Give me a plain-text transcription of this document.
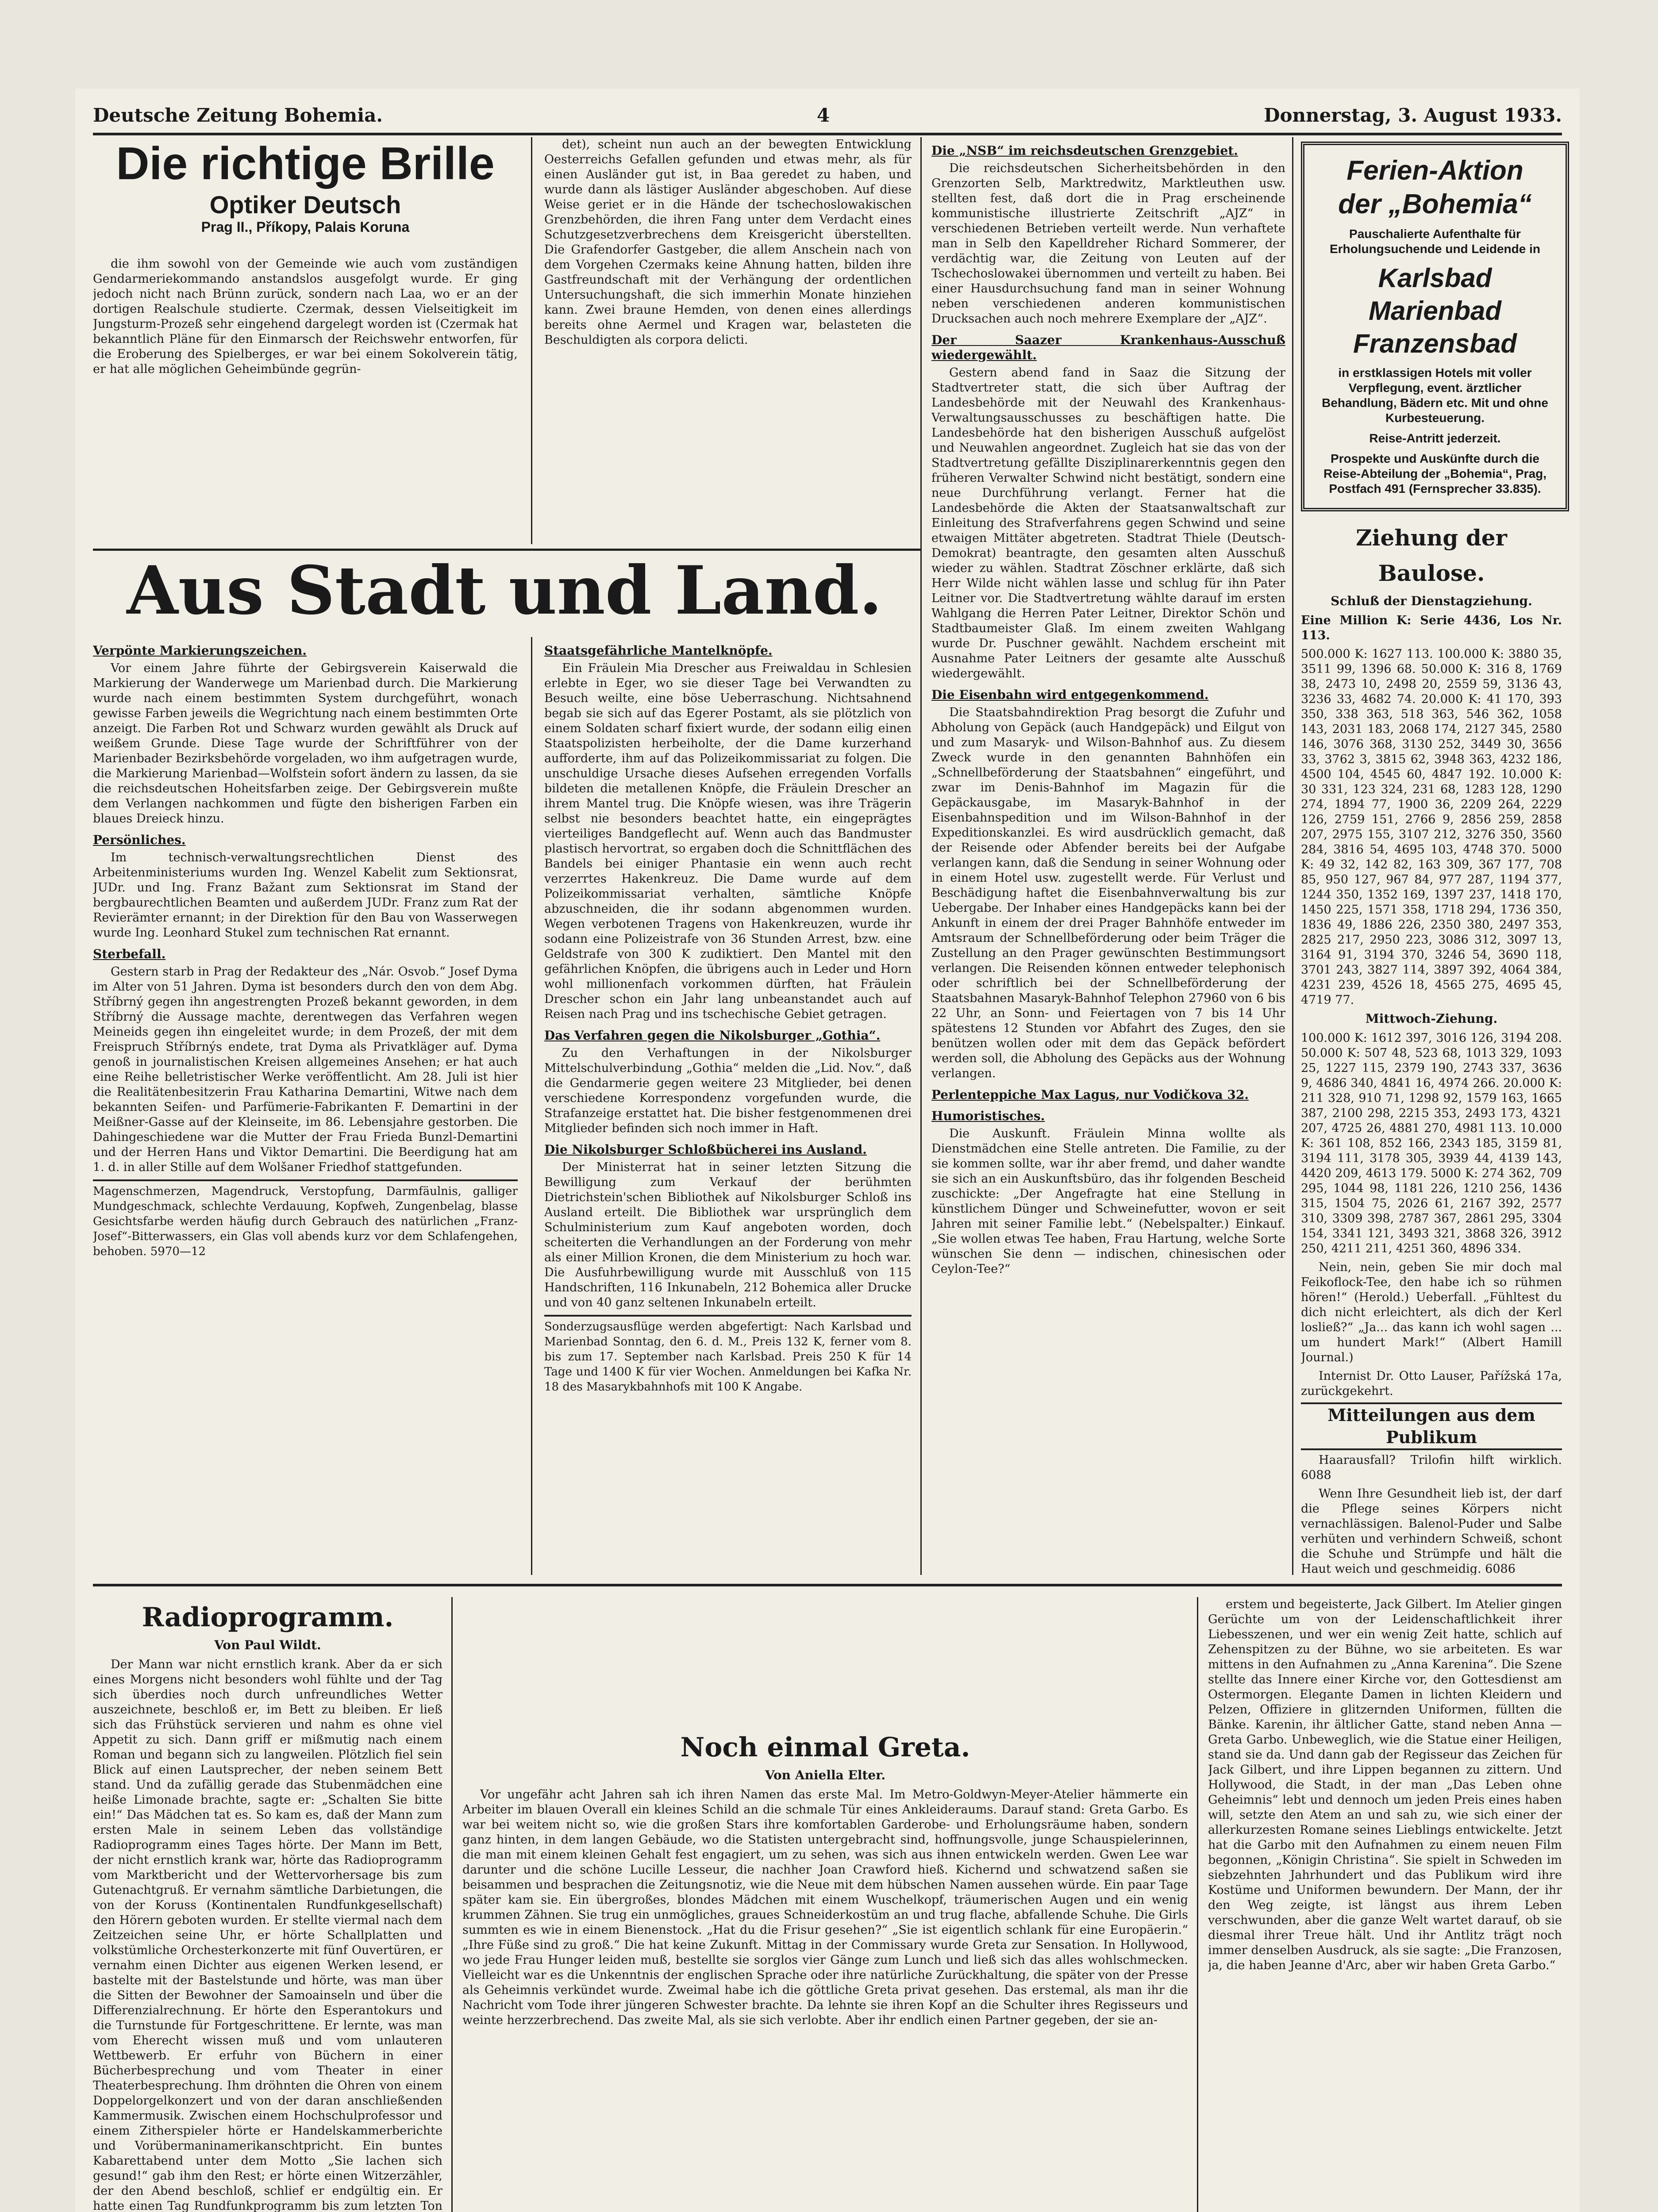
Deutsche Zeitung Bohemia.	4	Donnerstag, 3. August 1933.
Die richtige Brille
Optiker Deutsch
Prag II., Příkopy, Palais Koruna

die ihm sowohl von der Gemeinde wie auch vom zuständigen Gendarmeriekommando anstandslos ausgefolgt wurde. Er ging jedoch nicht nach Brünn zurück, sondern nach Laa, wo er an der dortigen Realschule studierte. Czermak, dessen Vielseitigkeit im Jungsturm-Prozeß sehr eingehend dargelegt worden ist (Czermak hat bekanntlich Pläne für den Einmarsch der Reichswehr entworfen, für die Eroberung des Spielberges, er war bei einem Sokolverein tätig, er hat alle möglichen Geheimbünde gegrün-

det), scheint nun auch an der bewegten Entwicklung Oesterreichs Gefallen gefunden und etwas mehr, als für einen Ausländer gut ist, in Baa geredet zu haben, und wurde dann als lästiger Ausländer abgeschoben. Auf diese Weise geriet er in die Hände der tschechoslowakischen Grenzbehörden, die ihren Fang unter dem Verdacht eines Schutzgesetzverbrechens dem Kreisgericht überstellten. Die Grafendorfer Gastgeber, die allem Anschein nach von dem Vorgehen Czermaks keine Ahnung hatten, bilden ihre Gastfreundschaft mit der Verhängung der ordentlichen Untersuchungshaft, die sich immerhin Monate hinziehen kann. Zwei braune Hemden, von denen eines allerdings bereits ohne Aermel und Kragen war, belasteten die Beschuldigten als corpora delicti.

Die „NSB“ im reichsdeutschen Grenzgebiet.

Die reichsdeutschen Sicherheitsbehörden in den Grenzorten Selb, Marktredwitz, Marktleuthen usw. stellten fest, daß dort die in Prag erscheinende kommunistische illustrierte Zeitschrift „AJZ“ in verschiedenen Betrieben verteilt werde. Nun verhaftete man in Selb den Kapelldreher Richard Sommerer, der verdächtig war, die Zeitung von Leuten auf der Tschechoslowakei übernommen und verteilt zu haben. Bei einer Hausdurchsuchung fand man in seiner Wohnung neben verschiedenen anderen kommunistischen Drucksachen auch noch mehrere Exemplare der „AJZ“.

Der Saazer Krankenhaus-Ausschuß wiedergewählt.

Gestern abend fand in Saaz die Sitzung der Stadtvertreter statt, die sich über Auftrag der Landesbehörde mit der Neuwahl des Krankenhaus-Verwaltungsausschusses zu beschäftigen hatte. Die Landesbehörde hat den bisherigen Ausschuß aufgelöst und Neuwahlen angeordnet. Zugleich hat sie das von der Stadtvertretung gefällte Disziplinarerkenntnis gegen den früheren Verwalter Schwind nicht bestätigt, sondern eine neue Durchführung verlangt. Ferner hat die Landesbehörde die Akten der Staatsanwaltschaft zur Einleitung des Strafverfahrens gegen Schwind und seine etwaigen Mittäter abgetreten. Stadtrat Thiele (Deutsch-Demokrat) beantragte, den gesamten alten Ausschuß wieder zu wählen. Stadtrat Zöschner erklärte, daß sich Herr Wilde nicht wählen lasse und schlug für ihn Pater Leitner vor. Die Stadtvertretung wählte darauf im ersten Wahlgang die Herren Pater Leitner, Direktor Schön und Stadtbaumeister Glaß. Im einem zweiten Wahlgang wurde Dr. Puschner gewählt. Nachdem erscheint mit Ausnahme Pater Leitners der gesamte alte Ausschuß wiedergewählt.

Die Eisenbahn wird entgegenkommend.

Die Staatsbahndirektion Prag besorgt die Zufuhr und Abholung von Gepäck (auch Handgepäck) und Eilgut von und zum Masaryk- und Wilson-Bahnhof aus. Zu diesem Zweck wurde in den genannten Bahnhöfen ein „Schnellbeförderung der Staatsbahnen“ eingeführt, und zwar im Denis-Bahnhof im Magazin für die Gepäckausgabe, im Masaryk-Bahnhof in der Eisenbahnspedition und im Wilson-Bahnhof in der Expeditionskanzlei. Es wird ausdrücklich gemacht, daß der Reisende oder Abfender bereits bei der Aufgabe verlangen kann, daß die Sendung in seiner Wohnung oder in einem Hotel usw. zugestellt werde. Für Verlust und Beschädigung haftet die Eisenbahnverwaltung bis zur Uebergabe. Der Inhaber eines Handgepäcks kann bei der Ankunft in einem der drei Prager Bahnhöfe entweder im Amtsraum der Schnellbeförderung oder beim Träger die Zustellung an den Prager gewünschten Bestimmungsort verlangen. Die Reisenden können entweder telephonisch oder schriftlich bei der Schnellbeförderung der Staatsbahnen Masaryk-Bahnhof Telephon 27960 von 6 bis 22 Uhr, an Sonn- und Feiertagen von 7 bis 14 Uhr spätestens 12 Stunden vor Abfahrt des Zuges, den sie benützen wollen oder mit dem das Gepäck befördert werden soll, die Abholung des Gepäcks aus der Wohnung verlangen.

Perlenteppiche Max Lagus, nur Vodičkova 32.
Humoristisches.

Die Auskunft. Fräulein Minna wollte als Dienstmädchen eine Stelle antreten. Die Familie, zu der sie kommen sollte, war ihr aber fremd, und daher wandte sie sich an ein Auskunftsbüro, das ihr folgenden Bescheid zuschickte: „Der Angefragte hat eine Stellung in künstlichem Dünger und Schweinefutter, wovon er seit Jahren mit seiner Familie lebt.“ (Nebelspalter.) Einkauf. „Sie wollen etwas Tee haben, Frau Hartung, welche Sorte wünschen Sie denn — indischen, chinesischen oder Ceylon-Tee?“

Ferien-Aktion
der „Bohemia“
Pauschalierte Aufenthalte für Erholungsuchende und Leidende in
Karlsbad
Marienbad
Franzensbad
in erstklassigen Hotels mit voller Verpflegung, event. ärztlicher Behandlung, Bädern etc. Mit und ohne Kurbesteuerung.
Reise-Antritt jederzeit.
Prospekte und Auskünfte durch die Reise-Abteilung der „Bohemia“, Prag, Postfach 491 (Fernsprecher 33.835).
Ziehung der Baulose.
Schluß der Dienstagziehung.

Eine Million K: Serie 4436, Los Nr. 113.

500.000 K: 1627 113. 100.000 K: 3880 35, 3511 99, 1396 68. 50.000 K: 316 8, 1769 38, 2473 10, 2498 20, 2559 59, 3136 43, 3236 33, 4682 74. 20.000 K: 41 170, 393 350, 338 363, 518 363, 546 362, 1058 143, 2031 183, 2068 174, 2127 345, 2580 146, 3076 368, 3130 252, 3449 30, 3656 33, 3762 3, 3815 62, 3948 363, 4232 186, 4500 104, 4545 60, 4847 192. 10.000 K: 30 331, 123 324, 231 68, 1283 128, 1290 274, 1894 77, 1900 36, 2209 264, 2229 126, 2759 151, 2766 9, 2856 259, 2858 207, 2975 155, 3107 212, 3276 350, 3560 284, 3816 54, 4695 103, 4748 370. 5000 K: 49 32, 142 82, 163 309, 367 177, 708 85, 950 127, 967 84, 977 287, 1194 377, 1244 350, 1352 169, 1397 237, 1418 170, 1450 225, 1571 358, 1718 294, 1736 350, 1836 49, 1886 226, 2350 380, 2497 353, 2825 217, 2950 223, 3086 312, 3097 13, 3164 91, 3194 370, 3246 54, 3690 118, 3701 243, 3827 114, 3897 392, 4064 384, 4231 239, 4526 18, 4565 275, 4695 45, 4719 77.

Mittwoch-Ziehung.

100.000 K: 1612 397, 3016 126, 3194 208. 50.000 K: 507 48, 523 68, 1013 329, 1093 25, 1227 115, 2379 190, 2743 337, 3636 9, 4686 340, 4841 16, 4974 266. 20.000 K: 211 328, 910 71, 1298 92, 1579 163, 1665 387, 2100 298, 2215 353, 2493 173, 4321 207, 4725 26, 4881 270, 4981 113. 10.000 K: 361 108, 852 166, 2343 185, 3159 81, 3194 111, 3178 305, 3939 44, 4139 143, 4420 209, 4613 179. 5000 K: 274 362, 709 295, 1044 98, 1181 226, 1210 256, 1436 315, 1504 75, 2026 61, 2167 392, 2577 310, 3309 398, 2787 367, 2861 295, 3304 154, 3341 121, 3493 321, 3868 326, 3912 250, 4211 211, 4251 360, 4896 334.

Nein, nein, geben Sie mir doch mal Feikoflock-Tee, den habe ich so rühmen hören!“ (Herold.) Ueberfall. „Fühltest du dich nicht erleichtert, als dich der Kerl losließ?“ „Ja... das kann ich wohl sagen ... um hundert Mark!“ (Albert Hamill Journal.)

Internist Dr. Otto Lauser, Pařížská 17a, zurückgekehrt.

Mitteilungen aus dem Publikum

Haarausfall? Trilofin hilft wirklich. 6088

Wenn Ihre Gesundheit lieb ist, der darf die Pflege seines Körpers nicht vernachlässigen. Balenol-Puder und Salbe verhüten und verhindern Schweiß, schont die Schuhe und Strümpfe und hält die Haut weich und geschmeidig. 6086

Aus Stadt und Land.
Verpönte Markierungszeichen.

Vor einem Jahre führte der Gebirgsverein Kaiserwald die Markierung der Wanderwege um Marienbad durch. Die Markierung wurde nach einem bestimmten System durchgeführt, wonach gewisse Farben jeweils die Wegrichtung nach einem bestimmten Orte anzeigt. Die Farben Rot und Schwarz wurden gewählt als Druck auf weißem Grunde. Diese Tage wurde der Schriftführer von der Marienbader Bezirksbehörde vorgeladen, wo ihm aufgetragen wurde, die Markierung Marienbad—Wolfstein sofort ändern zu lassen, da sie die reichsdeutschen Hoheitsfarben zeige. Der Gebirgsverein mußte dem Verlangen nachkommen und fügte den bisherigen Farben ein blaues Dreieck hinzu.

Persönliches.

Im technisch-verwaltungsrechtlichen Dienst des Arbeitenministeriums wurden Ing. Wenzel Kabelit zum Sektionsrat, JUDr. und Ing. Franz Bažant zum Sektionsrat im Stand der bergbaurechtlichen Beamten und außerdem JUDr. Franz zum Rat der Revierämter ernannt; in der Direktion für den Bau von Wasserwegen wurde Ing. Leonhard Stukel zum technischen Rat ernannt.

Sterbefall.

Gestern starb in Prag der Redakteur des „Nár. Osvob.“ Josef Dyma im Alter von 51 Jahren. Dyma ist besonders durch den von dem Abg. Stříbrný gegen ihn angestrengten Prozeß bekannt geworden, in dem Stříbrný die Aussage machte, derentwegen das Verfahren wegen Meineids gegen ihn eingeleitet wurde; in dem Prozeß, der mit dem Freispruch Stříbrnýs endete, trat Dyma als Privatkläger auf. Dyma genoß in journalistischen Kreisen allgemeines Ansehen; er hat auch eine Reihe belletristischer Werke veröffentlicht. Am 28. Juli ist hier die Realitätenbesitzerin Frau Katharina Demartini, Witwe nach dem bekannten Seifen- und Parfümerie-Fabrikanten F. Demartini in der Meißner-Gasse auf der Kleinseite, im 86. Lebensjahre gestorben. Die Dahingeschiedene war die Mutter der Frau Frieda Bunzl-Demartini und der Herren Hans und Viktor Demartini. Die Beerdigung hat am 1. d. in aller Stille auf dem Wolšaner Friedhof stattgefunden.

Magenschmerzen, Magendruck, Verstopfung, Darmfäulnis, galliger Mundgeschmack, schlechte Verdauung, Kopfweh, Zungenbelag, blasse Gesichtsfarbe werden häufig durch Gebrauch des natürlichen „Franz-Josef“-Bitterwassers, ein Glas voll abends kurz vor dem Schlafengehen, behoben. 5970—12
Staatsgefährliche Mantelknöpfe.

Ein Fräulein Mia Drescher aus Freiwaldau in Schlesien erlebte in Eger, wo sie dieser Tage bei Verwandten zu Besuch weilte, eine böse Ueberraschung. Nichtsahnend begab sie sich auf das Egerer Postamt, als sie plötzlich von einem Soldaten scharf fixiert wurde, der sodann eilig einen Staatspolizisten herbeiholte, der die Dame kurzerhand aufforderte, ihm auf das Polizeikommissariat zu folgen. Die unschuldige Ursache dieses Aufsehen erregenden Vorfalls bildeten die metallenen Knöpfe, die Fräulein Drescher an ihrem Mantel trug. Die Knöpfe wiesen, was ihre Trägerin selbst nie besonders beachtet hatte, ein eingeprägtes vierteiliges Bandgeflecht auf. Wenn auch das Bandmuster plastisch hervortrat, so ergaben doch die Schnittflächen des Bandels bei einiger Phantasie ein wenn auch recht verzerrtes Hakenkreuz. Die Dame wurde auf dem Polizeikommissariat verhalten, sämtliche Knöpfe abzuschneiden, die ihr sodann abgenommen wurden. Wegen verbotenen Tragens von Hakenkreuzen, wurde ihr sodann eine Polizeistrafe von 36 Stunden Arrest, bzw. eine Geldstrafe von 300 K zudiktiert. Den Mantel mit den gefährlichen Knöpfen, die übrigens auch in Leder und Horn wohl millionenfach vorkommen dürften, hat Fräulein Drescher schon ein Jahr lang unbeanstandet auch auf Reisen nach Prag und ins tschechische Gebiet getragen.

Das Verfahren gegen die Nikolsburger „Gothia“.

Zu den Verhaftungen in der Nikolsburger Mittelschulverbindung „Gothia“ melden die „Lid. Nov.“, daß die Gendarmerie gegen weitere 23 Mitglieder, bei denen verschiedene Korrespondenz vorgefunden wurde, die Strafanzeige erstattet hat. Die bisher festgenommenen drei Mitglieder befinden sich noch immer in Haft.

Die Nikolsburger Schloßbücherei ins Ausland.

Der Ministerrat hat in seiner letzten Sitzung die Bewilligung zum Verkauf der berühmten Dietrichstein'schen Bibliothek auf Nikolsburger Schloß ins Ausland erteilt. Die Bibliothek war ursprünglich dem Schulministerium zum Kauf angeboten worden, doch scheiterten die Verhandlungen an der Forderung von mehr als einer Million Kronen, die dem Ministerium zu hoch war. Die Ausfuhrbewilligung wurde mit Ausschluß von 115 Handschriften, 116 Inkunabeln, 212 Bohemica aller Drucke und von 40 ganz seltenen Inkunabeln erteilt.

Sonderzugsausflüge werden abgefertigt: Nach Karlsbad und Marienbad Sonntag, den 6. d. M., Preis 132 K, ferner vom 8. bis zum 17. September nach Karlsbad. Preis 250 K für 14 Tage und 1400 K für vier Wochen. Anmeldungen bei Kafka Nr. 18 des Masarykbahnhofs mit 100 K Angabe.
Radioprogramm.
Von Paul Wildt.

Der Mann war nicht ernstlich krank. Aber da er sich eines Morgens nicht besonders wohl fühlte und der Tag sich überdies noch durch unfreundliches Wetter auszeichnete, beschloß er, im Bett zu bleiben. Er ließ sich das Frühstück servieren und nahm es ohne viel Appetit zu sich. Dann griff er mißmutig nach einem Roman und begann sich zu langweilen. Plötzlich fiel sein Blick auf einen Lautsprecher, der neben seinem Bett stand. Und da zufällig gerade das Stubenmädchen eine heiße Limonade brachte, sagte er: „Schalten Sie bitte ein!“ Das Mädchen tat es. So kam es, daß der Mann zum ersten Male in seinem Leben das vollständige Radioprogramm eines Tages hörte. Der Mann im Bett, der nicht ernstlich krank war, hörte das Radioprogramm vom Marktbericht und der Wettervorhersage bis zum Gutenachtgruß. Er vernahm sämtliche Darbietungen, die von der Koruss (Kontinentalen Rundfunkgesellschaft) den Hörern geboten wurden. Er stellte viermal nach dem Zeitzeichen seine Uhr, er hörte Schallplatten und volkstümliche Orchesterkonzerte mit fünf Ouvertüren, er vernahm einen Dichter aus eigenen Werken lesend, er bastelte mit der Bastelstunde und hörte, was man über die Sitten der Bewohner der Samoainseln und über die Differenzialrechnung. Er hörte den Esperantokurs und die Turnstunde für Fortgeschrittene. Er lernte, was man vom Eherecht wissen muß und vom unlauteren Wettbewerb. Er erfuhr von Büchern in einer Bücherbesprechung und vom Theater in einer Theaterbesprechung. Ihm dröhnten die Ohren von einem Doppelorgelkonzert und von der daran anschließenden Kammermusik. Zwischen einem Hochschulprofessor und einem Zitherspieler hörte er Handelskammerberichte und Vorübermaninamerikanschtpricht. Ein buntes Kabarettabend unter dem Motto „Sie lachen sich gesund!“ gab ihm den Rest; er hörte einen Witzerzähler, der den Abend beschloß, schlief er endgültig ein. Er hatte einen Tag Rundfunkprogramm bis zum letzten Ton

Noch einmal Greta.
Von Aniella Elter.

Vor ungefähr acht Jahren sah ich ihren Namen das erste Mal. Im Metro-Goldwyn-Meyer-Atelier hämmerte ein Arbeiter im blauen Overall ein kleines Schild an die schmale Tür eines Ankleideraums. Darauf stand: Greta Garbo. Es war bei weitem nicht so, wie die großen Stars ihre komfortablen Garderobe- und Erholungsräume haben, sondern ganz hinten, in dem langen Gebäude, wo die Statisten untergebracht sind, hoffnungsvolle, junge Schauspielerinnen, die man mit einem kleinen Gehalt fest engagiert, um zu sehen, was sich aus ihnen entwickeln werden. Gwen Lee war darunter und die schöne Lucille Lesseur, die nachher Joan Crawford hieß. Kichernd und schwatzend saßen sie beisammen und besprachen die Zeitungsnotiz, wie die Neue mit dem hübschen Namen aussehen würde. Ein paar Tage später kam sie. Ein übergroßes, blondes Mädchen mit einem Wuschelkopf, träumerischen Augen und ein wenig krummen Zähnen. Sie trug ein unmögliches, graues Schneiderkostüm an und trug flache, abfallende Schuhe. Die Girls summten es wie in einem Bienenstock. „Hat du die Frisur gesehen?“ „Sie ist eigentlich schlank für eine Europäerin.“ „Ihre Füße sind zu groß.“ Die hat keine Zukunft. Mittag in der Commissary wurde Greta zur Sensation. In Hollywood, wo jede Frau Hunger leiden muß, bestellte sie sorglos vier Gänge zum Lunch und ließ sich das alles wohlschmecken. Vielleicht war es die Unkenntnis der englischen Sprache oder ihre natürliche Zurückhaltung, die später von der Presse als Geheimnis verkündet wurde. Zweimal habe ich die göttliche Greta privat gesehen. Das erstemal, als man ihr die Nachricht vom Tode ihrer jüngeren Schwester brachte. Da lehnte sie ihren Kopf an die Schulter ihres Regisseurs und weinte herzzerbrechend. Das zweite Mal, als sie sich verlobte. Aber ihr endlich einen Partner gegeben, der sie an-

erstem und begeisterte, Jack Gilbert. Im Atelier gingen Gerüchte um von der Leidenschaftlichkeit ihrer Liebesszenen, und wer ein wenig Zeit hatte, schlich auf Zehenspitzen zu der Bühne, wo sie arbeiteten. Es war mittens in den Aufnahmen zu „Anna Karenina“. Die Szene stellte das Innere einer Kirche vor, den Gottesdienst am Ostermorgen. Elegante Damen in lichten Kleidern und Pelzen, Offiziere in glitzernden Uniformen, füllten die Bänke. Karenin, ihr ältlicher Gatte, stand neben Anna — Greta Garbo. Unbeweglich, wie die Statue einer Heiligen, stand sie da. Und dann gab der Regisseur das Zeichen für Jack Gilbert, und ihre Lippen begannen zu zittern. Und Hollywood, die Stadt, in der man „Das Leben ohne Geheimnis“ lebt und dennoch um jeden Preis eines haben will, setzte den Atem an und sah zu, wie sich einer der allerkurzesten Romane seines Lieblings entwickelte. Jetzt hat die Garbo mit den Aufnahmen zu einem neuen Film begonnen, „Königin Christina“. Sie spielt in Schweden im siebzehnten Jahrhundert und das Publikum wird ihre Kostüme und Uniformen bewundern. Der Mann, der ihr den Weg zeigte, ist längst aus ihrem Leben verschwunden, aber die ganze Welt wartet darauf, ob sie diesmal ihrer Treue hält. Und ihr Antlitz trägt noch immer denselben Ausdruck, als sie sagte: „Die Franzosen, ja, die haben Jeanne d'Arc, aber wir haben Greta Garbo.“
